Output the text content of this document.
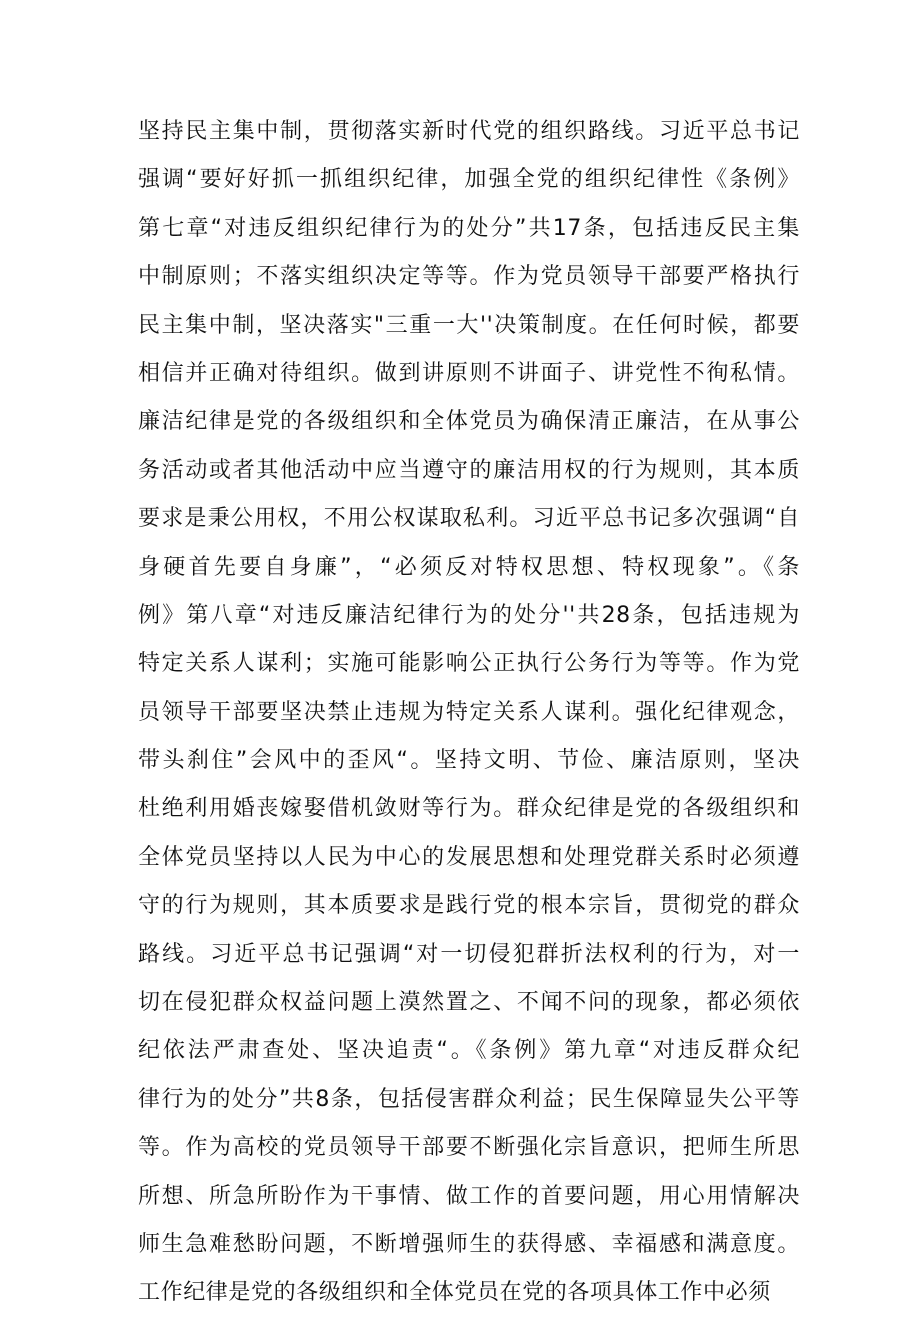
坚持民主集中制，贯彻落实新时代党的组织路线。习近平总书记
强调“要好好抓一抓组织纪律，加强全党的组织纪律性《条例》
第七章“对违反组织纪律行为的处分”共17条，包括违反民主集
中制原则；不落实组织决定等等。作为党员领导干部要严格执行
民主集中制，坚决落实"三重一大''决策制度。在任何时候，都要
相信并正确对待组织。做到讲原则不讲面子、讲党性不徇私情。
廉洁纪律是党的各级组织和全体党员为确保清正廉洁，在从事公
务活动或者其他活动中应当遵守的廉洁用权的行为规则，其本质
要求是秉公用权，不用公权谋取私利。习近平总书记多次强调“自
身硬首先要自身廉”，“必须反对特权思想、特权现象”。《条
例》第八章“对违反廉洁纪律行为的处分''共28条，包括违规为
特定关系人谋利；实施可能影响公正执行公务行为等等。作为党
员领导干部要坚决禁止违规为特定关系人谋利。强化纪律观念，
带头刹住”会风中的歪风“。坚持文明、节俭、廉洁原则，坚决
杜绝利用婚丧嫁娶借机敛财等行为。群众纪律是党的各级组织和
全体党员坚持以人民为中心的发展思想和处理党群关系时必须遵
守的行为规则，其本质要求是践行党的根本宗旨，贯彻党的群众
路线。习近平总书记强调“对一切侵犯群折法权利的行为，对一
切在侵犯群众权益问题上漠然置之、不闻不问的现象，都必须依
纪依法严肃查处、坚决追责“。《条例》第九章“对违反群众纪
律行为的处分”共8条，包括侵害群众利益；民生保障显失公平等
等。作为高校的党员领导干部要不断强化宗旨意识，把师生所思
所想、所急所盼作为干事情、做工作的首要问题，用心用情解决
师生急难愁盼问题，不断增强师生的获得感、幸福感和满意度。
工作纪律是党的各级组织和全体党员在党的各项具体工作中必须
